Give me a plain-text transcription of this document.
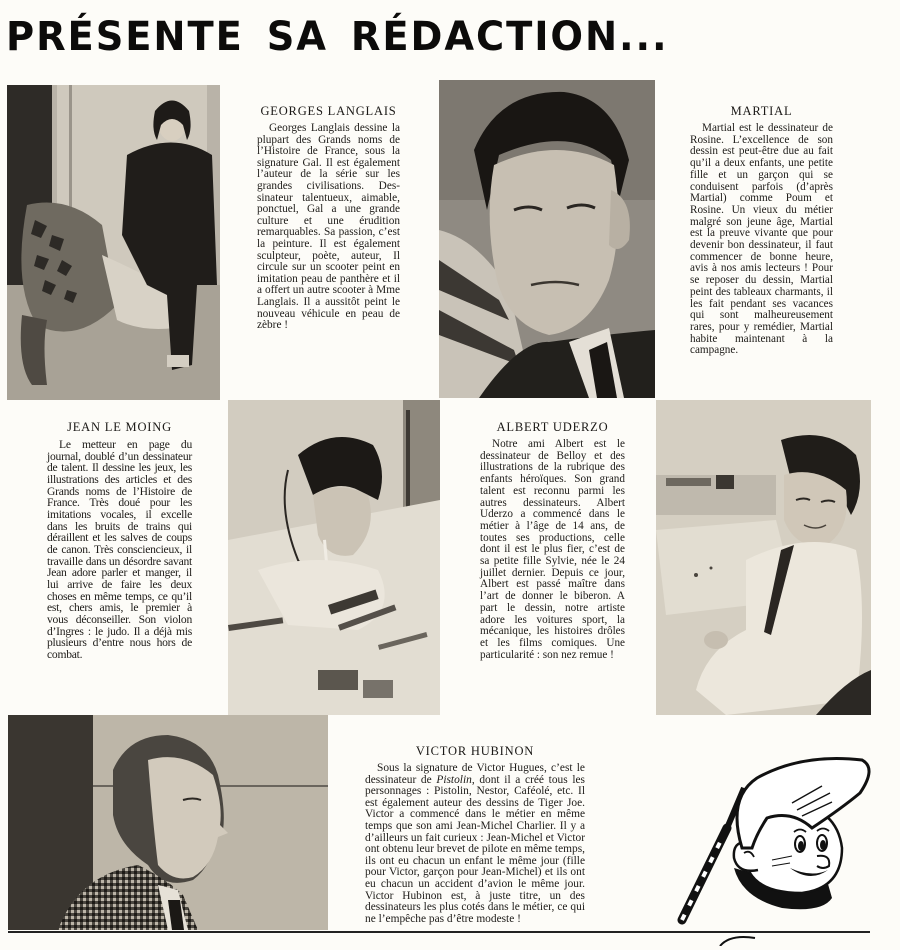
PRÉSENTE SA RÉDACTION...
GEORGES LANGLAIS

Georges Langlais dessine la plupart des Grands noms de l’Histoire de France, sous la signature Gal. Il est également l’auteur de la série sur les grandes civilisations. Dessinateur talentueux, aimable, ponctuel, Gal a une grande culture et une érudition remarquables. Sa passion, c’est la peinture. Il est également sculpteur, poète, auteur, Il circule sur un scooter peint en imitation peau de panthère et il a offert un autre scooter à Mme Langlais. Il a aussitôt peint le nouveau véhicule en peau de zèbre !

MARTIAL

Martial est le dessinateur de Rosine. L’excellence de son dessin est peut-être due au fait qu’il a deux enfants, une petite fille et un garçon qui se conduisent parfois (d’après Martial) comme Poum et Rosine. Un vieux du métier malgré son jeune âge, Martial est la preuve vivante que pour devenir bon dessinateur, il faut commencer de bonne heure, avis à nos amis lecteurs ! Pour se reposer du dessin, Martial peint des tableaux charmants, il les fait pendant ses vacances qui sont malheureusement rares, pour y remédier, Martial habite maintenant à la campagne.

JEAN LE MOING

Le metteur en page du journal, doublé d’un dessinateur de talent. Il dessine les jeux, les illustrations des articles et des Grands noms de l’Histoire de France. Très doué pour les imitations vocales, il excelle dans les bruits de trains qui déraillent et les salves de coups de canon. Très consciencieux, il travaille dans un désordre savant Jean adore parler et manger, il lui arrive de faire les deux choses en même temps, ce qu’il est, chers amis, le premier à vous déconseiller. Son violon d’Ingres : le judo. Il a déjà mis plusieurs d’entre nous hors de combat.

ALBERT UDERZO

Notre ami Albert est le dessinateur de Belloy et des illustrations de la rubrique des enfants héroïques. Son grand talent est reconnu parmi les autres dessinateurs. Albert Uderzo a commencé dans le métier à l’âge de 14 ans, de toutes ses productions, celle dont il est le plus fier, c’est de sa petite fille Sylvie, née le 24 juillet dernier. Depuis ce jour, Albert est passé maître dans l’art de donner le biberon. A part le dessin, notre artiste adore les voitures sport, la mécanique, les histoires drôles et les films comiques. Une particularité : son nez remue !

VICTOR HUBINON

Sous la signature de Victor Hugues, c’est le dessinateur de Pistolin, dont il a créé tous les personnages : Pistolin, Nestor, Caféolé, etc. Il est également auteur des dessins de Tiger Joe. Victor a commencé dans le métier en même temps que son ami Jean-Michel Charlier. Il y a d’ailleurs un fait curieux : Jean-Michel et Victor ont obtenu leur brevet de pilote en même temps, ils ont eu chacun un enfant le même jour (fille pour Victor, garçon pour Jean-Michel) et ils ont eu chacun un accident d’avion le même jour. Victor Hubinon est, à juste titre, un des dessinateurs les plus cotés dans le métier, ce qui ne l’empêche pas d’être modeste !
